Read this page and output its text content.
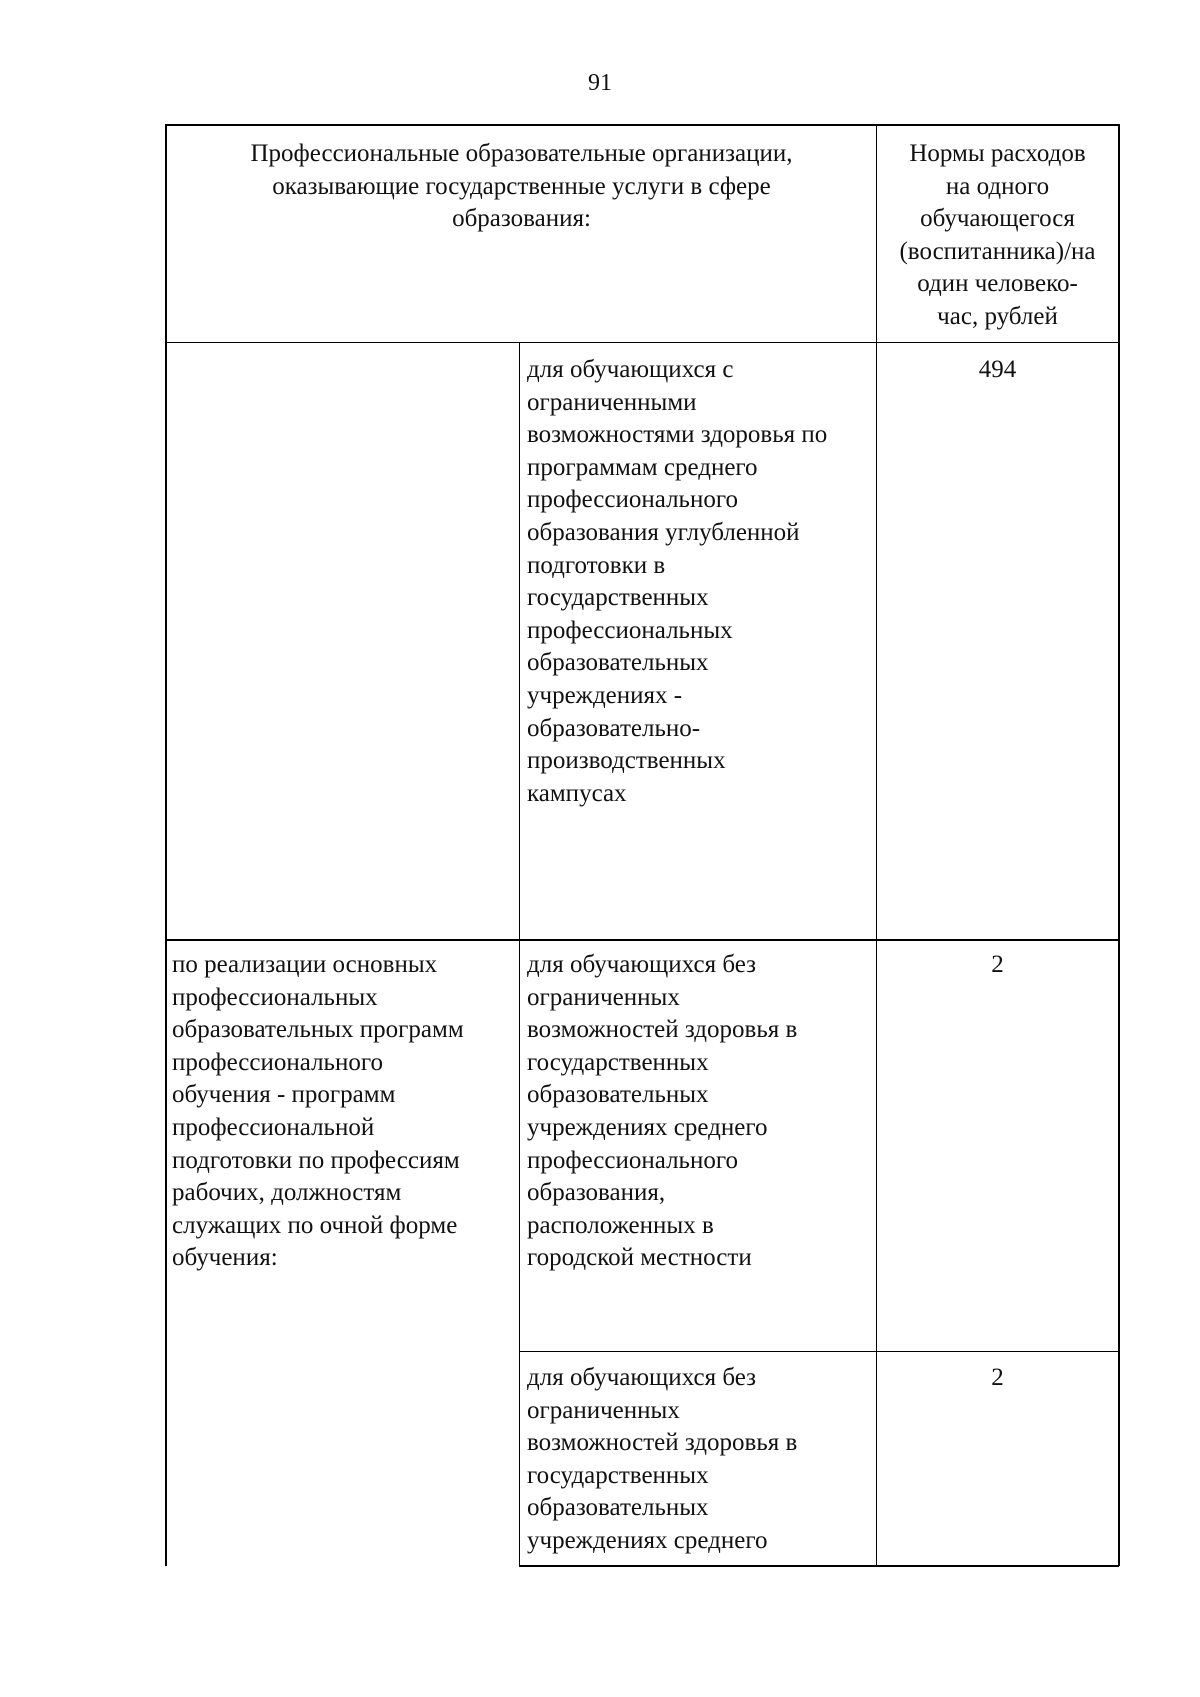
91
Профессиональные образовательные организации,
оказывающие государственные услуги в сфере
образования:
Нормы расходов
на одного
обучающегося
(воспитанника)/на
один человеко-
час, рублей
для обучающихся с
ограниченными
возможностями здоровья по
программам среднего
профессионального
образования углубленной
подготовки в
государственных
профессиональных
образовательных
учреждениях -
образовательно-
производственных
кампусах
494
по реализации основных
профессиональных
образовательных программ
профессионального
обучения - программ
профессиональной
подготовки по профессиям
рабочих, должностям
служащих по очной форме
обучения:
для обучающихся без
ограниченных
возможностей здоровья в
государственных
образовательных
учреждениях среднего
профессионального
образования,
расположенных в
городской местности
2
для обучающихся без
ограниченных
возможностей здоровья в
государственных
образовательных
учреждениях среднего
2
